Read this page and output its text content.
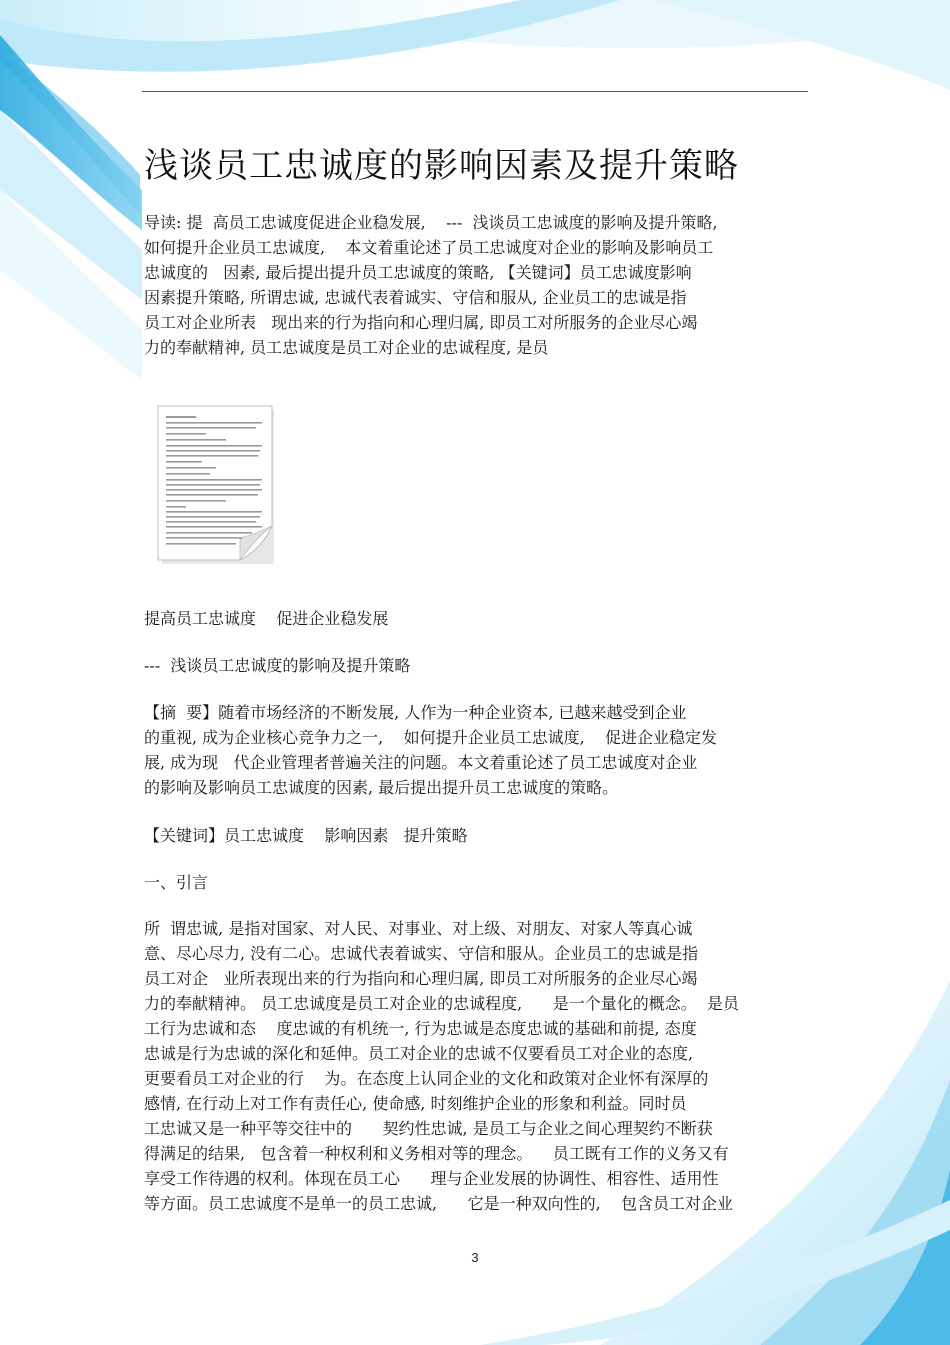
浅谈员工忠诚度的影响因素及提升策略
导读: 提  高员工忠诚度促进企业稳发展,    ---  浅谈员工忠诚度的影响及提升策略,
如何提升企业员工忠诚度,    本文着重论述了员工忠诚度对企业的影响及影响员工
忠诚度的   因素, 最后提出提升员工忠诚度的策略, 【关键词】员工忠诚度影响
因素提升策略, 所谓忠诚, 忠诚代表着诚实、守信和服从, 企业员工的忠诚是指
员工对企业所表   现出来的行为指向和心理归属, 即员工对所服务的企业尽心竭
力的奉献精神, 员工忠诚度是员工对企业的忠诚程度, 是员
提高员工忠诚度    促进企业稳发展
---  浅谈员工忠诚度的影响及提升策略
【摘  要】随着市场经济的不断发展, 人作为一种企业资本, 已越来越受到企业
的重视, 成为企业核心竞争力之一,    如何提升企业员工忠诚度,    促进企业稳定发
展, 成为现   代企业管理者普遍关注的问题。本文着重论述了员工忠诚度对企业
的影响及影响员工忠诚度的因素, 最后提出提升员工忠诚度的策略。
【关键词】员工忠诚度    影响因素   提升策略
一、引言
所  谓忠诚, 是指对国家、对人民、对事业、对上级、对朋友、对家人等真心诚
意、尽心尽力, 没有二心。忠诚代表着诚实、守信和服从。企业员工的忠诚是指
员工对企   业所表现出来的行为指向和心理归属, 即员工对所服务的企业尽心竭
力的奉献精神。 员工忠诚度是员工对企业的忠诚程度,      是一个量化的概念。  是员
工行为忠诚和态    度忠诚的有机统一, 行为忠诚是态度忠诚的基础和前提, 态度
忠诚是行为忠诚的深化和延伸。员工对企业的忠诚不仅要看员工对企业的态度,
更要看员工对企业的行    为。在态度上认同企业的文化和政策对企业怀有深厚的
感情, 在行动上对工作有责任心, 使命感, 时刻维护企业的形象和利益。同时员
工忠诚又是一种平等交往中的      契约性忠诚, 是员工与企业之间心理契约不断获
得满足的结果,   包含着一种权利和义务相对等的理念。    员工既有工作的义务又有
享受工作待遇的权利。体现在员工心      理与企业发展的协调性、相容性、适用性
等方面。员工忠诚度不是单一的员工忠诚,      它是一种双向性的,    包含员工对企业
3
